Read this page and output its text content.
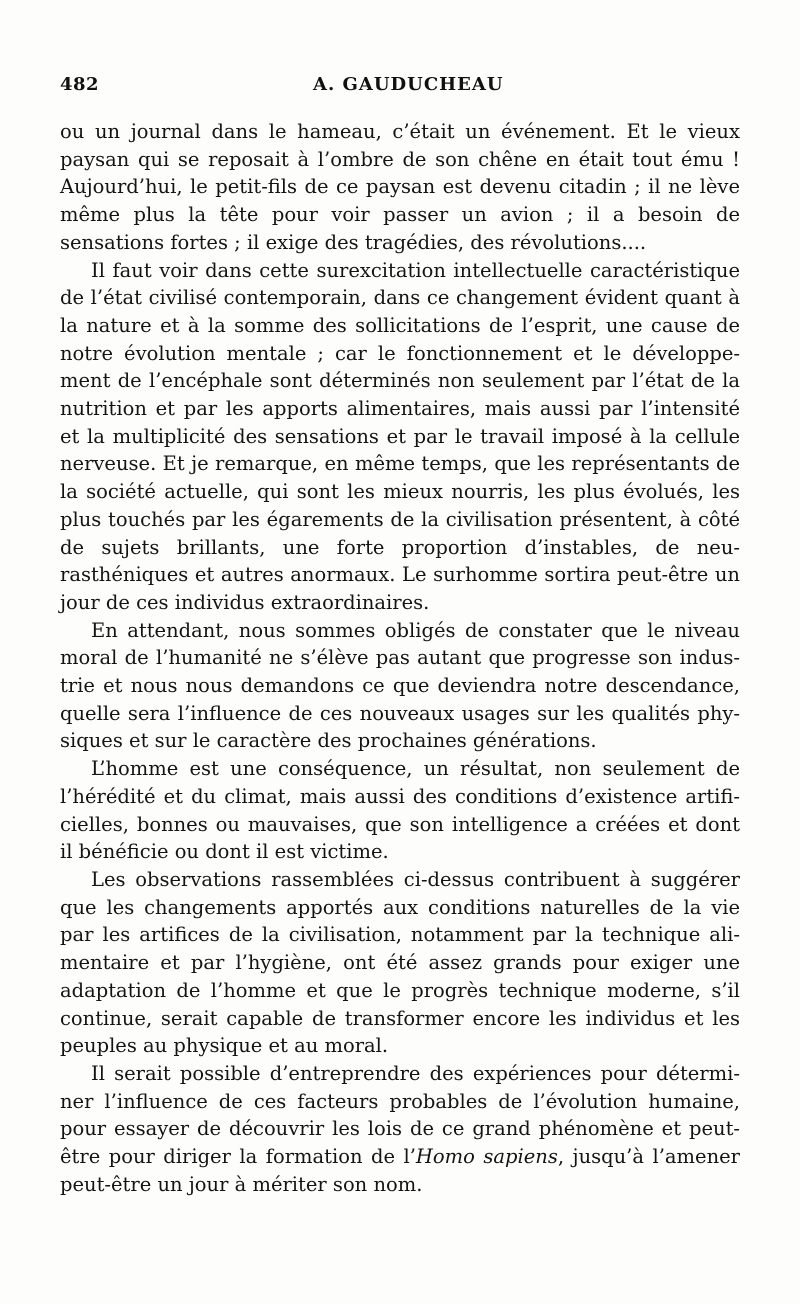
482	A. GAUDUCHEAU

ou un journal dans le hameau, c’était un événement. Et le vieux paysan qui se reposait à l’ombre de son chêne en était tout ému ! Aujourd’hui, le petit-fils de ce paysan est devenu citadin ; il ne lève même plus la tête pour voir passer un avion ; il a besoin de sensations fortes ; il exige des tragédies, des révolutions....

Il faut voir dans cette surexcitation intellectuelle caractéristique de l’état civilisé contemporain, dans ce changement évident quant à la nature et à la somme des sollicitations de l’esprit, une cause de notre évolution mentale ; car le fonctionnement et le développement de l’encéphale sont déterminés non seulement par l’état de la nutrition et par les apports alimentaires, mais aussi par l’intensité et la multiplicité des sensations et par le travail imposé à la cellule nerveuse. Et je remarque, en même temps, que les représentants de la société actuelle, qui sont les mieux nourris, les plus évolués, les plus touchés par les égarements de la civilisation présentent, à côté de sujets brillants, une forte proportion d’instables, de neurasthéniques et autres anormaux. Le surhomme sortira peut-être un jour de ces individus extraordinaires.

En attendant, nous sommes obligés de constater que le niveau moral de l’humanité ne s’élève pas autant que progresse son industrie et nous nous demandons ce que deviendra notre descendance, quelle sera l’influence de ces nouveaux usages sur les qualités physiques et sur le caractère des prochaines générations.

L’homme est une conséquence, un résultat, non seulement de l’hérédité et du climat, mais aussi des conditions d’existence artificielles, bonnes ou mauvaises, que son intelligence a créées et dont il bénéficie ou dont il est victime.

Les observations rassemblées ci-dessus contribuent à suggérer que les changements apportés aux conditions naturelles de la vie par les artifices de la civilisation, notamment par la technique alimentaire et par l’hygiène, ont été assez grands pour exiger une adaptation de l’homme et que le progrès technique moderne, s’il continue, serait capable de transformer encore les individus et les peuples au physique et au moral.

Il serait possible d’entreprendre des expériences pour déterminer l’influence de ces facteurs probables de l’évolution humaine, pour essayer de découvrir les lois de ce grand phénomène et peut-être pour diriger la formation de l’Homo sapiens, jusqu’à l’amener peut-être un jour à mériter son nom.
